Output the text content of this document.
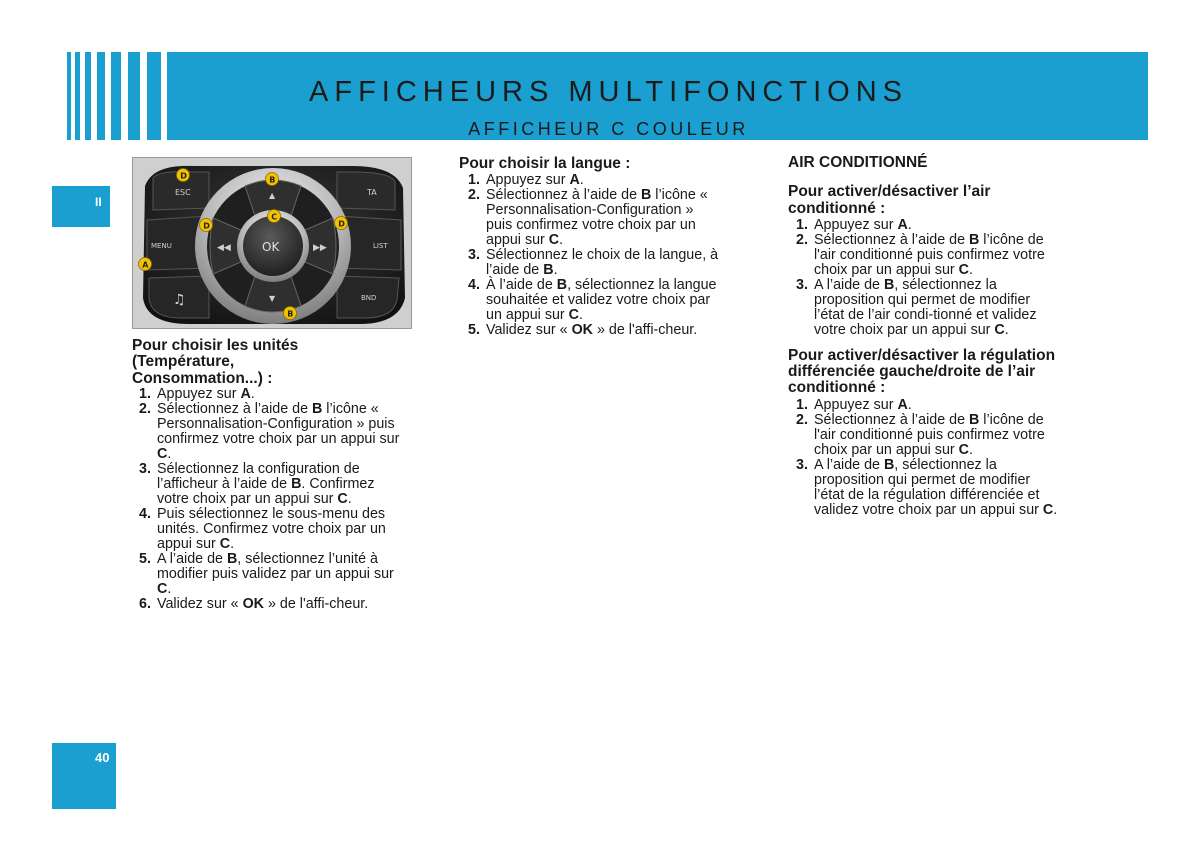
AFFICHEURS MULTIFONCTIONS
AFFICHEUR C COULEUR
II
40
ESC
MENU
♫
TA
LIST
BND
▲
▼
◀◀	▶▶
OK
D	B
D
C
D
A
B
Pour choisir les unités (Température, Consommation...) :
1. Appuyez sur A.
2. Sélectionnez à l’aide de B l’icône « Personnalisation-Configuration » puis confirmez votre choix par un appui sur C.
3. Sélectionnez la configuration de l’afficheur à l’aide de B. Confirmez votre choix par un appui sur C.
4. Puis sélectionnez le sous-menu des unités. Confirmez votre choix par un appui sur C.
5. A l’aide de B, sélectionnez l’unité à modifier puis validez par un appui sur C.
6. Validez sur « OK » de l'affi-cheur.
Pour choisir la langue :
1. Appuyez sur A.
2. Sélectionnez à l’aide de B l’icône « Personnalisation-Configuration » puis confirmez votre choix par un appui sur C.
3. Sélectionnez le choix de la langue, à l’aide de B.
4. À l’aide de B, sélectionnez la langue souhaitée et validez votre choix par un appui sur C.
5. Validez sur « OK » de l'affi-cheur.
AIR CONDITIONNÉ
Pour activer/désactiver l’air conditionné :
1. Appuyez sur A.
2. Sélectionnez à l’aide de B l’icône de l'air conditionné puis confirmez votre choix par un appui sur C.
3. A l’aide de B, sélectionnez la proposition qui permet de modifier l’état de l’air condi-tionné et validez votre choix par un appui sur C.
Pour activer/désactiver la régulation différenciée gauche/droite de l’air conditionné :
1. Appuyez sur A.
2. Sélectionnez à l’aide de B l’icône de l'air conditionné puis confirmez votre choix par un appui sur C.
3. A l’aide de B, sélectionnez la proposition qui permet de modifier l’état de la régulation différenciée et validez votre choix par un appui sur C.
